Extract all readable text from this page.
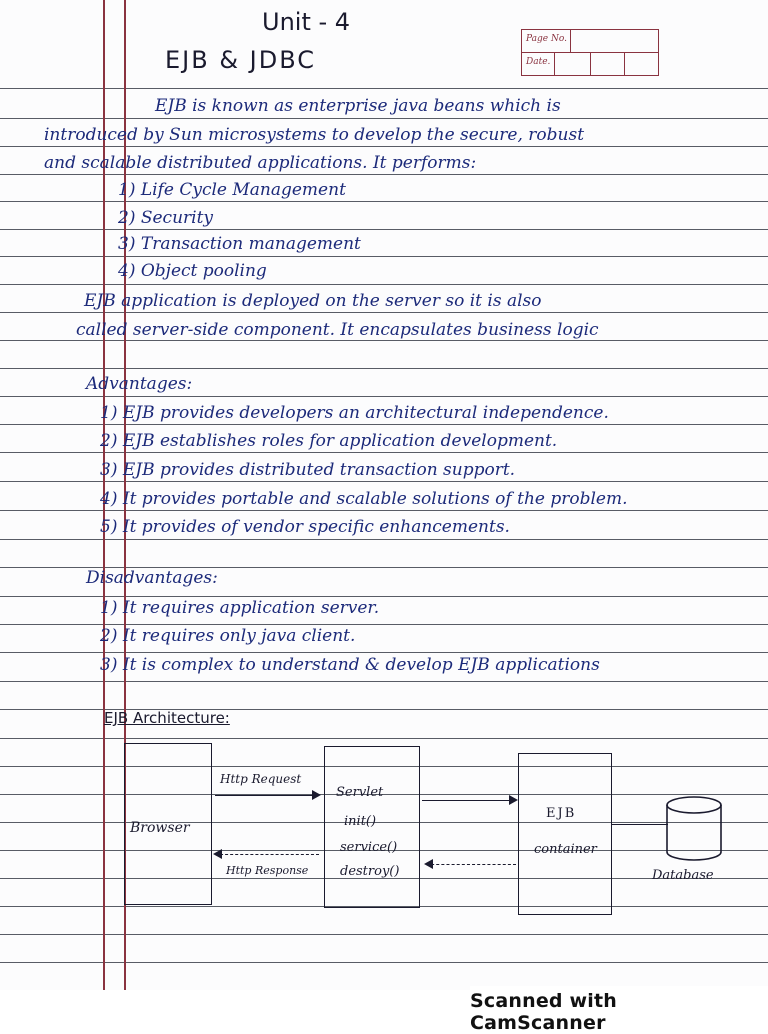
Unit - 4
EJB & JDBC
Page No.
Date.
EJB is known as enterprise java beans which is
introduced by Sun microsystems to develop the secure, robust
and scalable distributed applications. It performs:
1) Life Cycle Management
2) Security
3) Transaction management
4) Object pooling
EJB application is deployed on the server so it is also
called server-side component. It encapsulates business logic
Advantages:
1) EJB provides developers an architectural independence.
2) EJB establishes roles for application development.
3) EJB provides distributed transaction support.
4) It provides portable and scalable solutions of the problem.
5) It provides of vendor specific enhancements.
Disadvantages:
1) It requires application server.
2) It requires only java client.
3) It is complex to understand & develop EJB applications
EJB Architecture:
Browser
Http Request
Http Response
Servlet
init()
service()
destroy()
EJB
container
Database
Scanned with CamScanner
